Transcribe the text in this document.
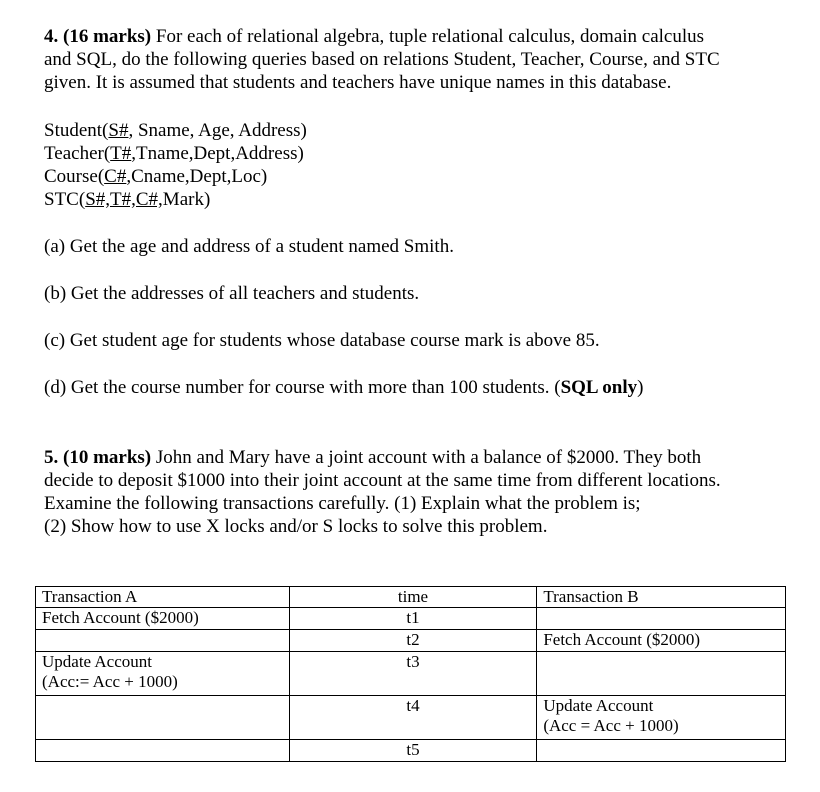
4. (16 marks) For each of relational algebra, tuple relational calculus, domain calculus
and SQL, do the following queries based on relations Student, Teacher, Course, and STC
given. It is assumed that students and teachers have unique names in this database.
Student(S#, Sname, Age, Address)
Teacher(T#,Tname,Dept,Address)
Course(C#,Cname,Dept,Loc)
STC(S#,T#,C#,Mark)
(a) Get the age and address of a student named Smith.
(b) Get the addresses of all teachers and students.
(c) Get student age for students whose database course mark is above 85.
(d) Get the course number for course with more than 100 students. (SQL only)
5. (10 marks) John and Mary have a joint account with a balance of $2000. They both
decide to deposit $1000 into their joint account at the same time from different locations.
Examine the following transactions carefully. (1) Explain what the problem is;
(2) Show how to use X locks and/or S locks to solve this problem.
Transaction A	time	Transaction B
Fetch Account ($2000)	t1	
	t2	Fetch Account ($2000)

Update Account
(Acc:= Acc + 1000)	t3	
	t4	Update Account
(Acc = Acc + 1000)

	t5	
